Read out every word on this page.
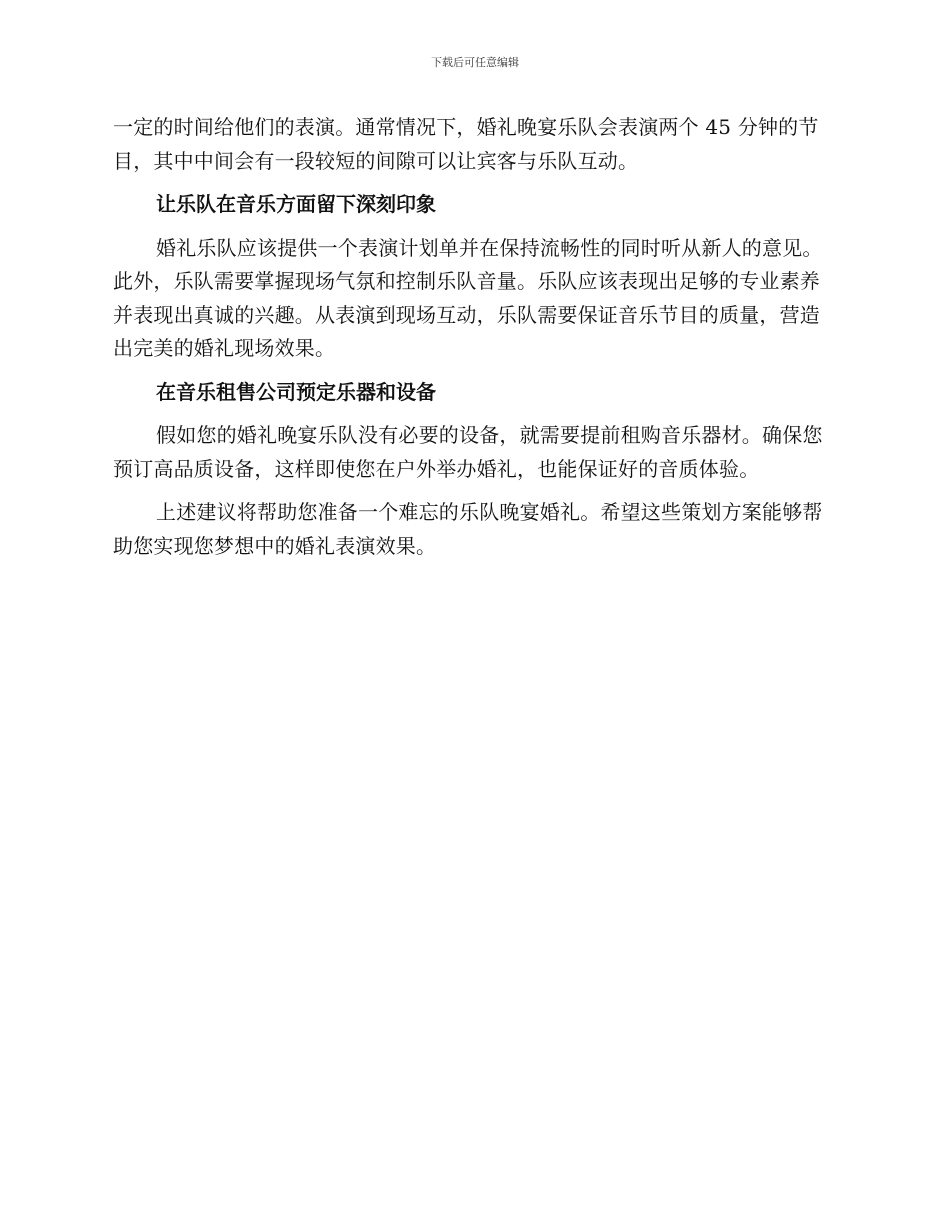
下载后可任意编辑

一定的时间给他们的表演。通常情况下，婚礼晚宴乐队会表演两个 45 分钟的节目，其中中间会有一段较短的间隙可以让宾客与乐队互动。

让乐队在音乐方面留下深刻印象

婚礼乐队应该提供一个表演计划单并在保持流畅性的同时听从新人的意见。此外，乐队需要掌握现场气氛和控制乐队音量。乐队应该表现出足够的专业素养并表现出真诚的兴趣。从表演到现场互动，乐队需要保证音乐节目的质量，营造出完美的婚礼现场效果。

在音乐租售公司预定乐器和设备

假如您的婚礼晚宴乐队没有必要的设备，就需要提前租购音乐器材。确保您预订高品质设备，这样即使您在户外举办婚礼，也能保证好的音质体验。

上述建议将帮助您准备一个难忘的乐队晚宴婚礼。希望这些策划方案能够帮助您实现您梦想中的婚礼表演效果。
